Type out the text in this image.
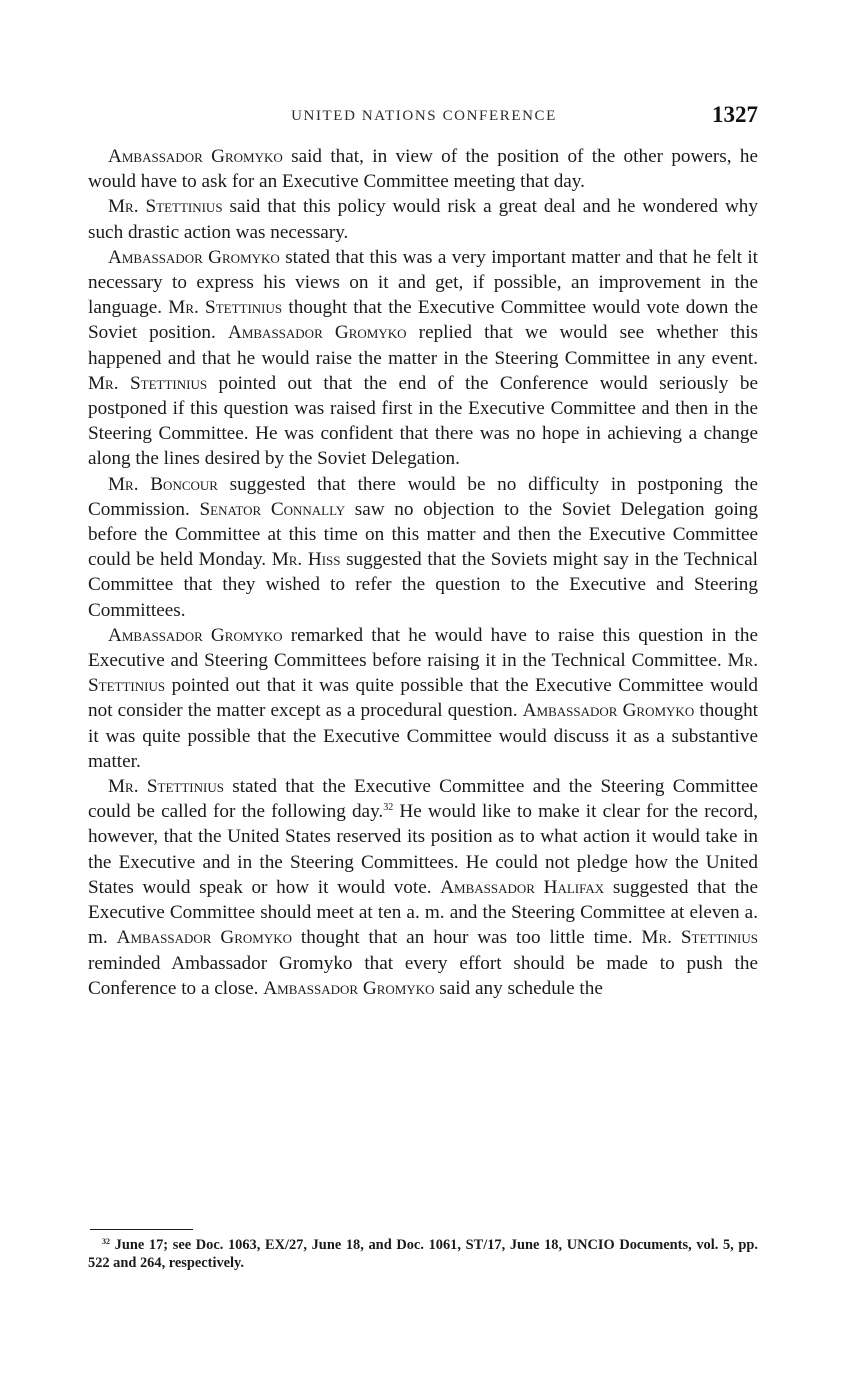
UNITED NATIONS CONFERENCE	1327

Ambassador Gromyko said that, in view of the position of the other powers, he would have to ask for an Executive Committee meeting that day.

Mr. Stettinius said that this policy would risk a great deal and he wondered why such drastic action was necessary.

Ambassador Gromyko stated that this was a very important matter and that he felt it necessary to express his views on it and get, if possible, an improvement in the language. Mr. Stettinius thought that the Executive Committee would vote down the Soviet position. Ambassador Gromyko replied that we would see whether this happened and that he would raise the matter in the Steering Committee in any event. Mr. Stettinius pointed out that the end of the Conference would seriously be postponed if this question was raised first in the Executive Committee and then in the Steering Committee. He was confident that there was no hope in achieving a change along the lines desired by the Soviet Delegation.

Mr. Boncour suggested that there would be no difficulty in postponing the Commission. Senator Connally saw no objection to the Soviet Delegation going before the Committee at this time on this matter and then the Executive Committee could be held Monday. Mr. Hiss suggested that the Soviets might say in the Technical Committee that they wished to refer the question to the Executive and Steering Committees.

Ambassador Gromyko remarked that he would have to raise this question in the Executive and Steering Committees before raising it in the Technical Committee. Mr. Stettinius pointed out that it was quite possible that the Executive Committee would not consider the matter except as a procedural question. Ambassador Gromyko thought it was quite possible that the Executive Committee would discuss it as a substantive matter.

Mr. Stettinius stated that the Executive Committee and the Steering Committee could be called for the following day.$^{32}$ He would like to make it clear for the record, however, that the United States reserved its position as to what action it would take in the Executive and in the Steering Committees. He could not pledge how the United States would speak or how it would vote. Ambassador Halifax suggested that the Executive Committee should meet at ten a. m. and the Steering Committee at eleven a. m. Ambassador Gromyko thought that an hour was too little time. Mr. Stettinius reminded Ambassador Gromyko that every effort should be made to push the Conference to a close. Ambassador Gromyko said any schedule the

$^{32}$ June 17; see Doc. 1063, EX/27, June 18, and Doc. 1061, ST/17, June 18, UNCIO Documents, vol. 5, pp. 522 and 264, respectively.
